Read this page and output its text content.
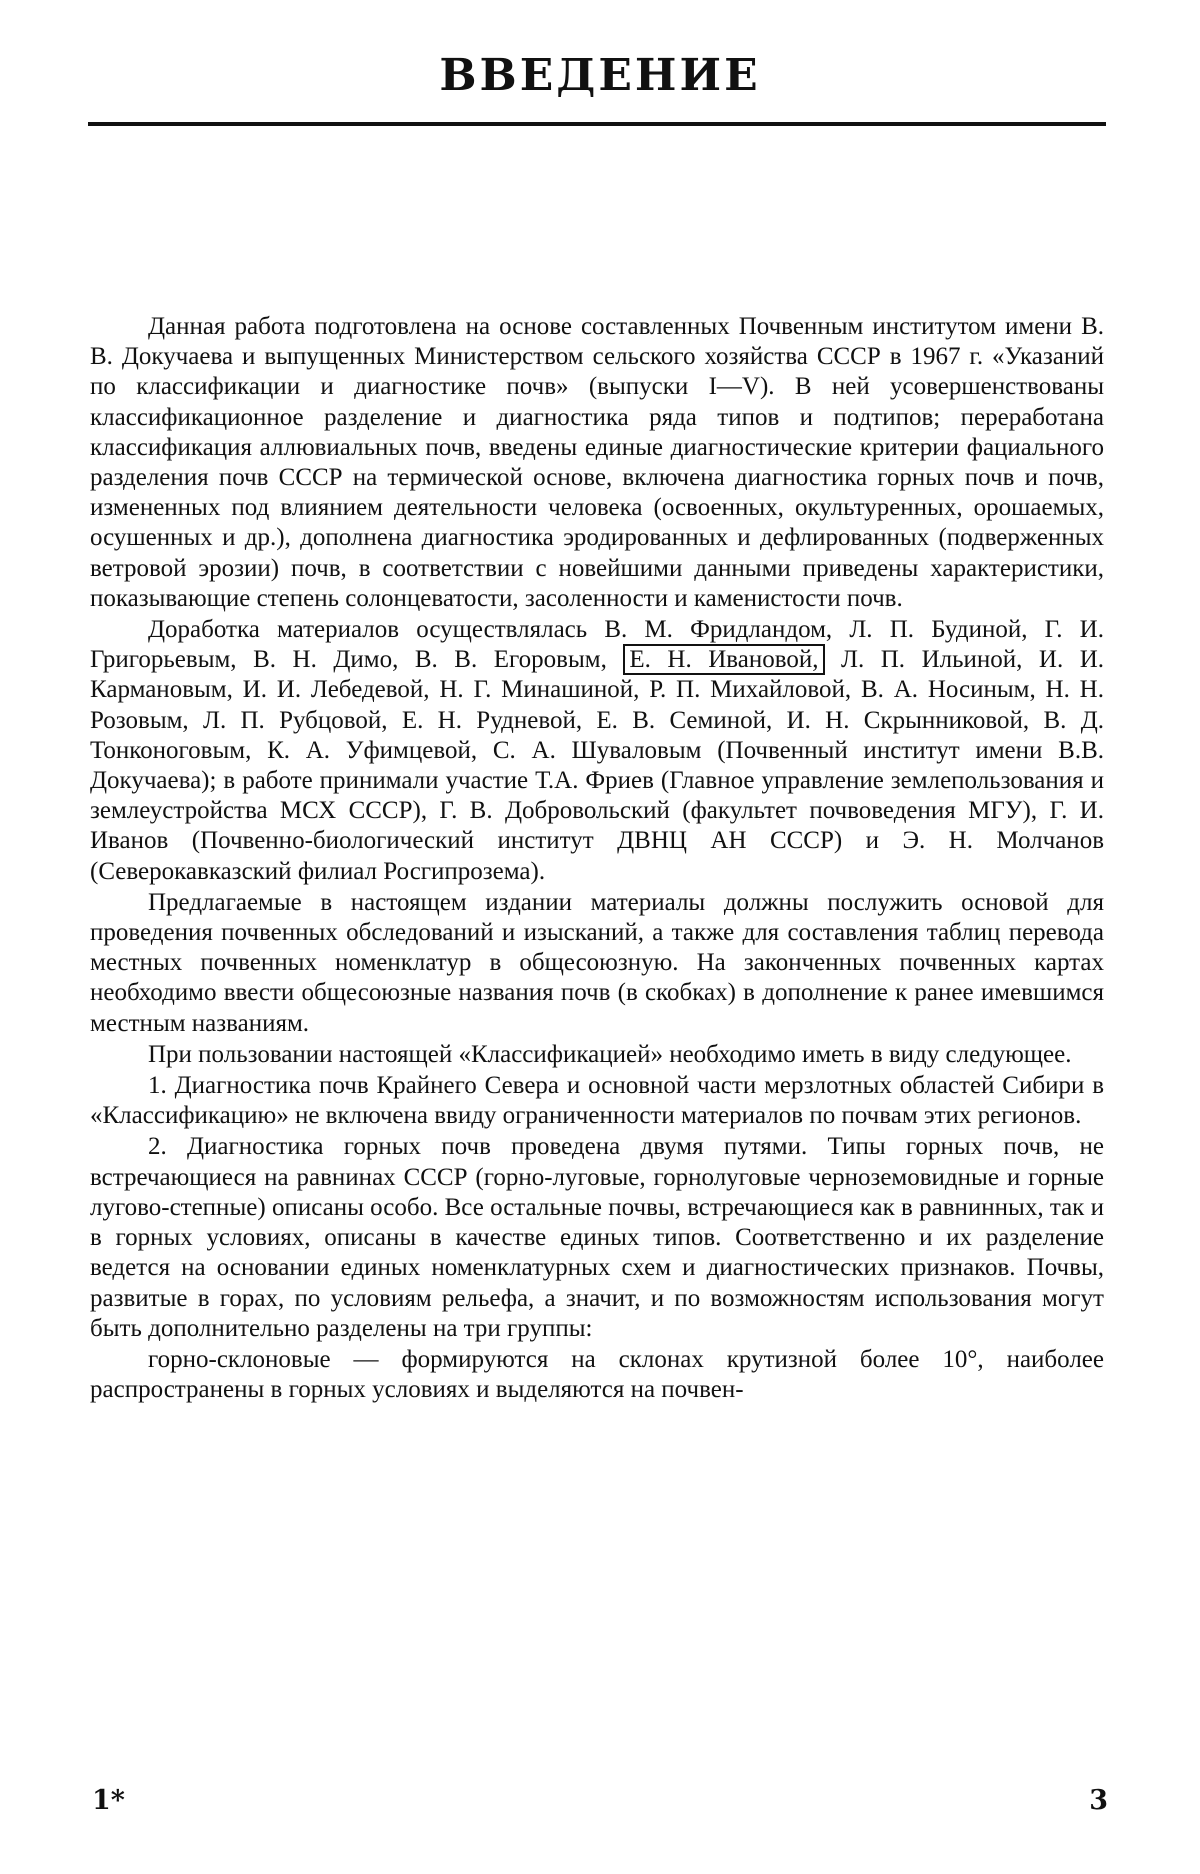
ВВЕДЕНИЕ

Данная работа подготовлена на основе составленных Почвенным институтом имени В. В. Докучаева и выпущенных Министерством сельского хозяйства СССР в 1967 г. «Указаний по классификации и диагностике почв» (выпуски I—V). В ней усовершенствованы классификационное разделение и диагностика ряда типов и подтипов; переработана классификация аллювиальных почв, введены единые диагностические критерии фациального разделения почв СССР на термической основе, включена диагностика горных почв и почв, измененных под влиянием деятельности человека (освоенных, окультуренных, орошаемых, осушенных и др.), дополнена диагностика эродированных и дефлированных (подверженных ветровой эрозии) почв, в соответствии с новейшими данными приведены характеристики, показывающие степень солонцеватости, засоленности и каменистости почв.

Доработка материалов осуществлялась В. М. Фридландом, Л. П. Будиной, Г. И. Григорьевым, В. Н. Димо, В. В. Егоровым, Е. Н. Ивановой, Л. П. Ильиной, И. И. Кармановым, И. И. Лебедевой, Н. Г. Минашиной, Р. П. Михайловой, В. А. Носиным, Н. Н. Розовым, Л. П. Рубцовой, Е. Н. Рудневой, Е. В. Семиной, И. Н. Скрынниковой, В. Д. Тонконоговым, К. А. Уфимцевой, С. А. Шуваловым (Почвенный институт имени В.В. Докучаева); в работе принимали участие Т.А. Фриев (Главное управление землепользования и землеустройства МСХ СССР), Г. В. Добровольский (факультет почвоведения МГУ), Г. И. Иванов (Почвенно-биологический институт ДВНЦ АН СССР) и Э. Н. Молчанов (Северокавказский филиал Росгипрозема).

Предлагаемые в настоящем издании материалы должны послужить основой для проведения почвенных обследований и изысканий, а также для составления таблиц перевода местных почвенных номенклатур в общесоюзную. На законченных почвенных картах необходимо ввести общесоюзные названия почв (в скобках) в дополнение к ранее имевшимся местным названиям.

При пользовании настоящей «Классификацией» необходимо иметь в виду следующее.

1. Диагностика почв Крайнего Севера и основной части мерзлотных областей Сибири в «Классификацию» не включена ввиду ограниченности материалов по почвам этих регионов.

2. Диагностика горных почв проведена двумя путями. Типы горных почв, не встречающиеся на равнинах СССР (горно-луговые, горнолуговые черноземовидные и горные лугово-степные) описаны особо. Все остальные почвы, встречающиеся как в равнинных, так и в горных условиях, описаны в качестве единых типов. Соответственно и их разделение ведется на основании единых номенклатурных схем и диагностических признаков. Почвы, развитые в горах, по условиям рельефа, а значит, и по возможностям использования могут быть дополнительно разделены на три группы:

горно-склоновые — формируются на склонах крутизной более 10°, наиболее распространены в горных условиях и выделяются на почвен-

1*	3
